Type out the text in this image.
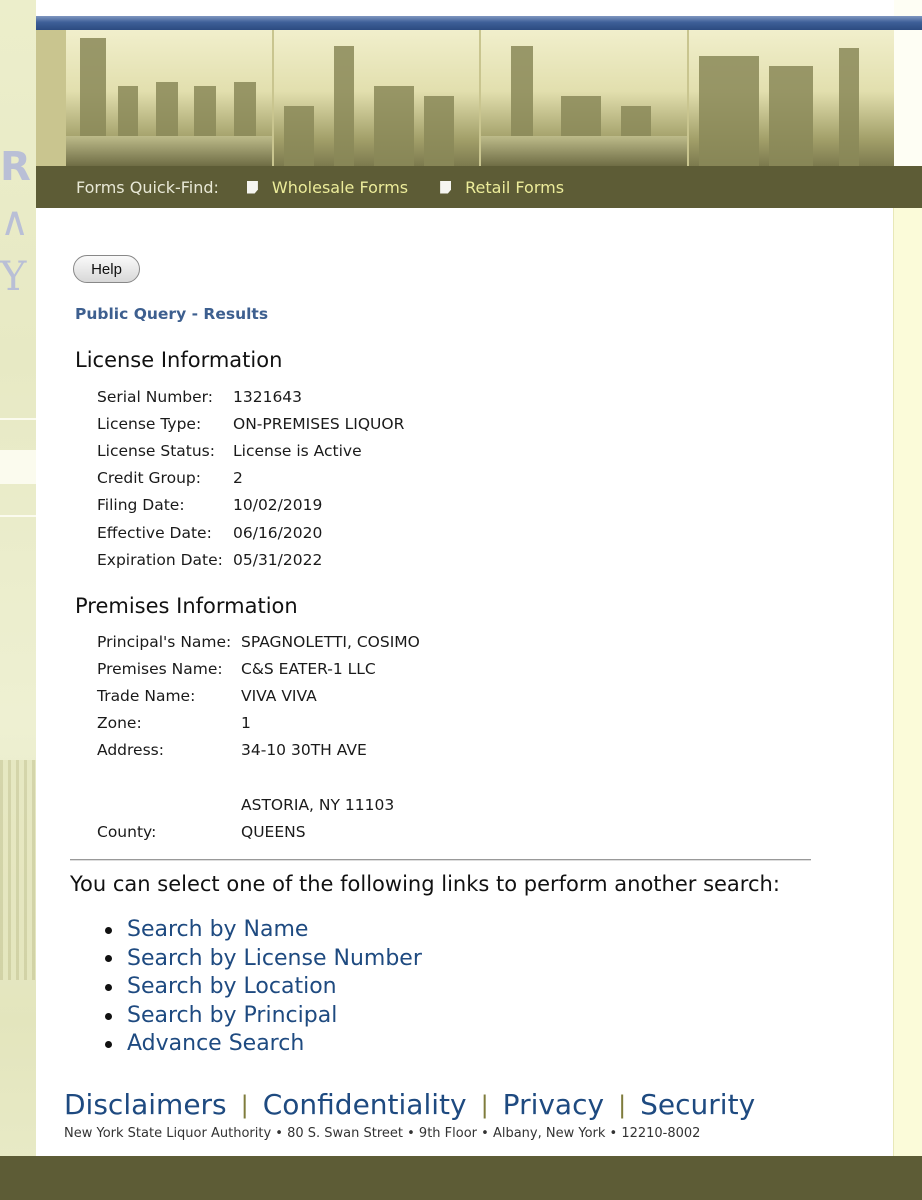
𝗥
∧
Y
Forms Quick-Find:	Wholesale Forms	Retail Forms
Help
Public Query - Results
License Information
Serial Number:	1321643
License Type:	ON-PREMISES LIQUOR
License Status:	License is Active
Credit Group:	2
Filing Date:	10/02/2019
Effective Date:	06/16/2020
Expiration Date:	05/31/2022
Premises Information
Principal's Name:	SPAGNOLETTI, COSIMO
Premises Name:	C&S EATER-1 LLC
Trade Name:	VIVA VIVA
Zone:	1
Address:	34-10 30TH AVE

	ASTORIA, NY 11103
County:	QUEENS
You can select one of the following links to perform another search:
Search by Name
Search by License Number
Search by Location
Search by Principal
Advance Search
Disclaimers | Confidentiality | Privacy | Security
New York State Liquor Authority • 80 S. Swan Street • 9th Floor • Albany, New York • 12210-8002
